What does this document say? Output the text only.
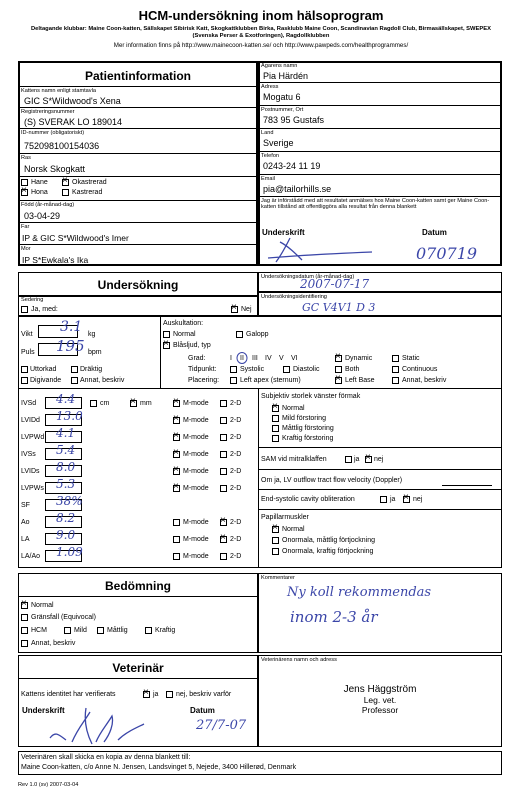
HCM-undersökning inom hälsoprogram
Deltagande klubbar: Maine Coon-katten, Sällskapet Sibirisk Katt, Skogkattklubben Birka, Rasklubb Maine Coon, Scandinavian Ragdoll Club, Birmasällskapet, SWEPEX (Svenska Perser & Exotforingen), Ragdollklubben
Mer information finns på http://www.mainecoon-katten.se/ och http://www.pawpeds.com/healthprogrammes/
Patientinformation
Kattens namn enligt stamtavla
GIC S*Wildwood's Xena
Registreringsnummer
(S) SVERAK LO 189014
ID-nummer (obligatoriskt)
752098100154036
Ras
Norsk Skogkatt
Hane ×	Okastrerad
×
Hona	Kastrerad
Född (år-månad-dag)
03-04-29
Far
IP & GIC S*Wildwood's Imer
Mor
IP S*Ewkala's Ika
Ägarens namn
Pia Härdén
Adress
Mogatu 6
Postnummer, Ort
783 95 Gustafs
Land
Sverige
Telefon
0243-24 11 19
Email
pia@tailorhills.se
Jag är införstådd med att resultatet anmälses hos Maine Coon-katten samt ger Maine Coon-katten tillstånd att offentliggöra alla resultat från denna blankett
Underskrift	Datum
070719
Undersökning
Undersökningsdatum (år-månad-dag)
2007-07-17
Undersökningsidentifiering
GC V4V1 D 3
Sedering
Ja, med: ×	Nej
Vikt 3.1 kg
Puls 195 bpm
Uttorkad	Dräktig
Digivande	Annat, beskriv
Auskultation:
Normal	Galopp
×
Blåsljud, typ
Grad:	I II III IV V VI ×	Dynamic	Static
Tidpunkt:	Systolic	Diastolic	Both	Continuous
Placering:	Left apex (sternum) ×	Left Base	Annat, beskriv
IVSd 4.4	cm ×	mm ×	M-mode	2-D
LVIDd 13.0 ×	M-mode	2-D
LVPWd 4.1 ×	M-mode	2-D
IVSs 5.4 ×	M-mode	2-D
LVIDs 8.0 ×	M-mode	2-D
LVPWs 5.3 ×	M-mode	2-D
SF 38%
Ao 8.2	M-mode ×	2-D
LA 9.0	M-mode ×	2-D
LA/Ao 1.09	M-mode	2-D
Subjektiv storlek vänster förmak
×
Normal
Mild förstoring
Måttlig förstoring
Kraftig förstoring
SAM vid mitralklaffen	ja × nej
Om ja, LV outflow tract flow velocity (Doppler)
End-systolic cavity obliteration	ja ×	nej
Papillarmuskler
×
Normal
Onormala, måttlig förtjockning
Onormala, kraftig förtjockning
Bedömning
×
Normal
Gränsfall (Equivocal)
HCM	Mild	Måttlig	Kraftig
Annat, beskriv
Kommentarer
Ny koll rekommendas
inom 2-3 år
Veterinär
Kattens identitet har verifierats ×	ja	nej, beskriv varför
Underskrift	Datum
27/7-07
Veterinärens namn och adress
Jens Häggström
Leg. vet.
Professor
Veterinären skall skicka en kopia av denna blankett till:
Maine Coon-katten, c/o Anne N. Jensen, Landsvinget 5, Nejede, 3400 Hillerød, Denmark
Rev 1.0 (sv) 2007-03-04
